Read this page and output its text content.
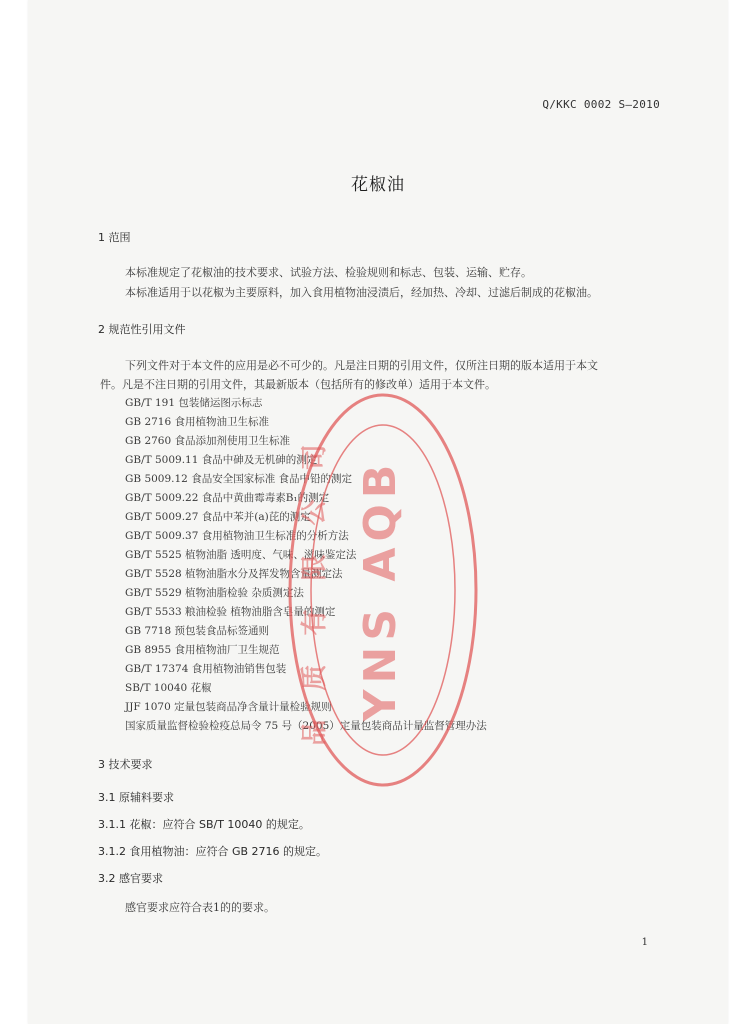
Q/KKC 0002 S—2010
花椒油
1 范围
本标准规定了花椒油的技术要求、试验方法、检验规则和标志、包装、运输、贮存。
本标准适用于以花椒为主要原料，加入食用植物油浸渍后，经加热、冷却、过滤后制成的花椒油。
2 规范性引用文件
下列文件对于本文件的应用是必不可少的。凡是注日期的引用文件，仅所注日期的版本适用于本文
件。凡是不注日期的引用文件，其最新版本（包括所有的修改单）适用于本文件。
GB/T 191 包装储运图示标志
GB 2716 食用植物油卫生标准
GB 2760 食品添加剂使用卫生标准
GB/T 5009.11 食品中砷及无机砷的测定
GB 5009.12 食品安全国家标准 食品中铅的测定
GB/T 5009.22 食品中黄曲霉毒素B₁的测定
GB/T 5009.27 食品中苯并(a)芘的测定
GB/T 5009.37 食用植物油卫生标准的分析方法
GB/T 5525 植物油脂 透明度、气味、滋味鉴定法
GB/T 5528 植物油脂水分及挥发物含量测定法
GB/T 5529 植物油脂检验 杂质测定法
GB/T 5533 粮油检验 植物油脂含皂量的测定
GB 7718 预包装食品标签通则
GB 8955 食用植物油厂卫生规范
GB/T 17374 食用植物油销售包装
SB/T 10040 花椒
JJF 1070 定量包装商品净含量计量检验规则
国家质量监督检验检疫总局令 75 号（2005）定量包装商品计量监督管理办法
3 技术要求
3.1 原辅料要求
3.1.1 花椒：应符合 SB/T 10040 的规定。
3.1.2 食用植物油：应符合 GB 2716 的规定。
3.2 感官要求
感官要求应符合表1的的要求。
1
YNS AQB
品 质 有 限 公 司
